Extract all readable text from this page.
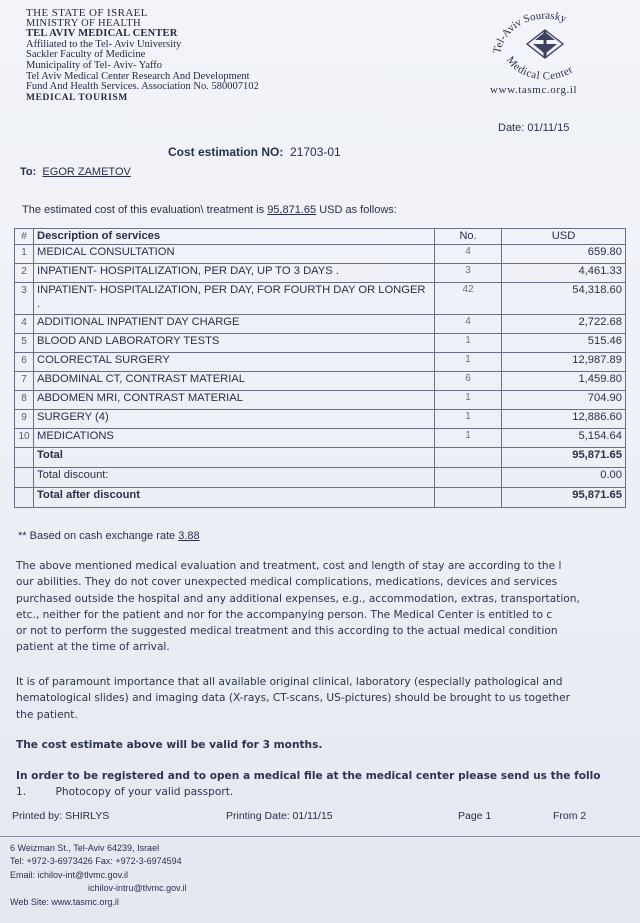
THE STATE OF ISRAEL
MINISTRY OF HEALTH
TEL AVIV MEDICAL CENTER
Affiliated to the Tel- Aviv University
Sackler Faculty of Medicine
Municipality of Tel- Aviv- Yaffo
Tel Aviv Medical Center Research And Development
Fund And Health Services. Association No. 580007102
MEDICAL TOURISM
Tel-Aviv Sourasky
Medical Center
www.tasmc.org.il
Date: 01/11/15
Cost estimation NO: 21703-01
To: EGOR ZAMETOV
The estimated cost of this evaluation\ treatment is 95,871.65 USD as follows:
#	Description of services	No.	USD
1	MEDICAL CONSULTATION	4	659.80
2	INPATIENT- HOSPITALIZATION, PER DAY, UP TO 3 DAYS .	3	4,461.33
3	INPATIENT- HOSPITALIZATION, PER DAY, FOR FOURTH DAY OR LONGER .	42	54,318.60
4	ADDITIONAL INPATIENT DAY CHARGE	4	2,722.68
5	BLOOD AND LABORATORY TESTS	1	515.46
6	COLORECTAL SURGERY	1	12,987.89
7	ABDOMINAL CT, CONTRAST MATERIAL	6	1,459.80
8	ABDOMEN MRI, CONTRAST MATERIAL	1	704.90
9	SURGERY (4)	1	12,886.60
10	MEDICATIONS	1	5,154.64
	Total		95,871.65
	Total discount:		0.00
	Total after discount		95,871.65
** Based on cash exchange rate 3.88
The above mentioned medical evaluation and treatment, cost and length of stay are according to the l
our abilities. They do not cover unexpected medical complications, medications, devices and services
purchased outside the hospital and any additional expenses, e.g., accommodation, extras, transportation,
etc., neither for the patient and nor for the accompanying person. The Medical Center is entitled to c
or not to perform the suggested medical treatment and this according to the actual medical condition
patient at the time of arrival.
It is of paramount importance that all available original clinical, laboratory (especially pathological and
hematological slides) and imaging data (X-rays, CT-scans, US-pictures) should be brought to us together
the patient.
The cost estimate above will be valid for 3 months.
In order to be registered and to open a medical file at the medical center please send us the follo
1.	Photocopy of your valid passport.
Printed by: SHIRLYS	Printing Date: 01/11/15	Page 1	From 2
6 Weizman St., Tel-Aviv 64239, Israel
Tel: +972-3-6973426 Fax: +972-3-6974594
Email: ichilov-int@tlvmc.gov.il
ichilov-intru@tlvmc.gov.il
Web Site: www.tasmc.org.il
